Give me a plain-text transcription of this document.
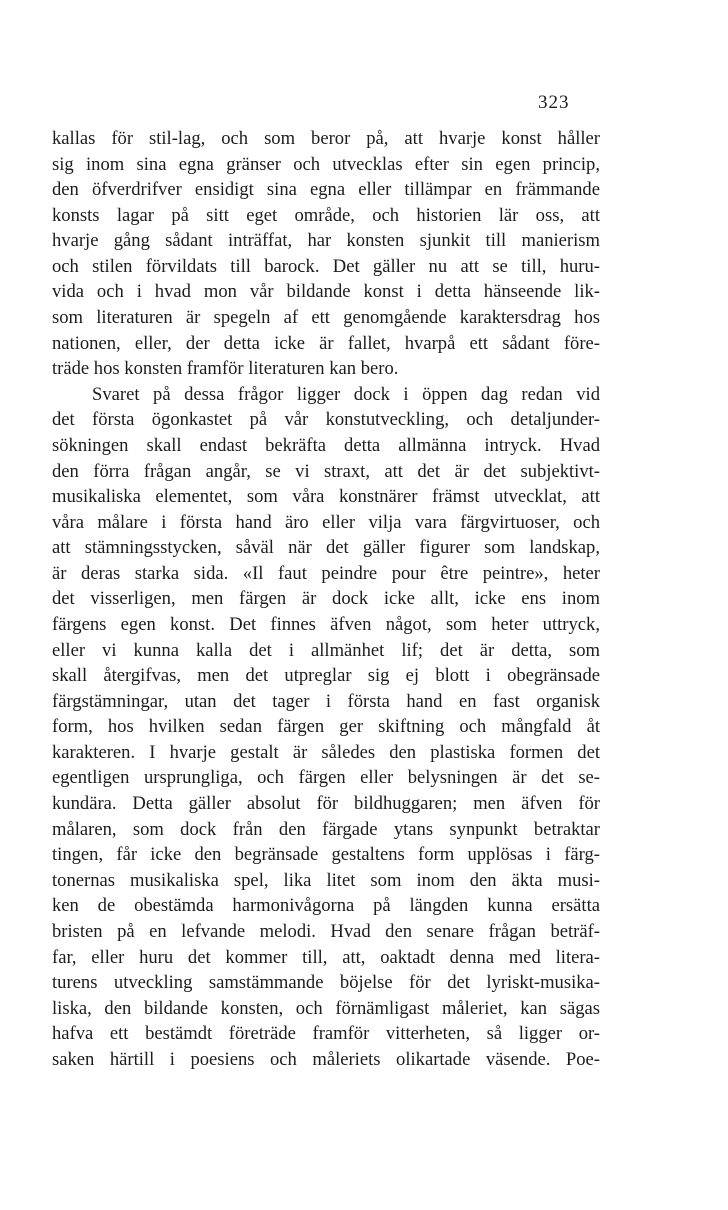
323
kallas för stil-lag, och som beror på, att hvarje konst håller
sig inom sina egna gränser och utvecklas efter sin egen princip,
den öfverdrifver ensidigt sina egna eller tillämpar en främmande
konsts lagar på sitt eget område, och historien lär oss, att
hvarje gång sådant inträffat, har konsten sjunkit till manierism
och stilen förvildats till barock. Det gäller nu att se till, huru-
vida och i hvad mon vår bildande konst i detta hänseende lik-
som literaturen är spegeln af ett genomgående karaktersdrag hos
nationen, eller, der detta icke är fallet, hvarpå ett sådant före-
träde hos konsten framför literaturen kan bero.
Svaret på dessa frågor ligger dock i öppen dag redan vid
det första ögonkastet på vår konstutveckling, och detaljunder-
sökningen skall endast bekräfta detta allmänna intryck. Hvad
den förra frågan angår, se vi straxt, att det är det subjektivt-
musikaliska elementet, som våra konstnärer främst utvecklat, att
våra målare i första hand äro eller vilja vara färgvirtuoser, och
att stämningsstycken, såväl när det gäller figurer som landskap,
är deras starka sida. «Il faut peindre pour être peintre», heter
det visserligen, men färgen är dock icke allt, icke ens inom
färgens egen konst. Det finnes äfven något, som heter uttryck,
eller vi kunna kalla det i allmänhet lif; det är detta, som
skall återgifvas, men det utpreglar sig ej blott i obegränsade
färgstämningar, utan det tager i första hand en fast organisk
form, hos hvilken sedan färgen ger skiftning och mångfald åt
karakteren. I hvarje gestalt är således den plastiska formen det
egentligen ursprungliga, och färgen eller belysningen är det se-
kundära. Detta gäller absolut för bildhuggaren; men äfven för
målaren, som dock från den färgade ytans synpunkt betraktar
tingen, får icke den begränsade gestaltens form upplösas i färg-
tonernas musikaliska spel, lika litet som inom den äkta musi-
ken de obestämda harmonivågorna på längden kunna ersätta
bristen på en lefvande melodi. Hvad den senare frågan beträf-
far, eller huru det kommer till, att, oaktadt denna med litera-
turens utveckling samstämmande böjelse för det lyriskt-musika-
liska, den bildande konsten, och förnämligast måleriet, kan sägas
hafva ett bestämdt företräde framför vitterheten, så ligger or-
saken härtill i poesiens och måleriets olikartade väsende. Poe-
